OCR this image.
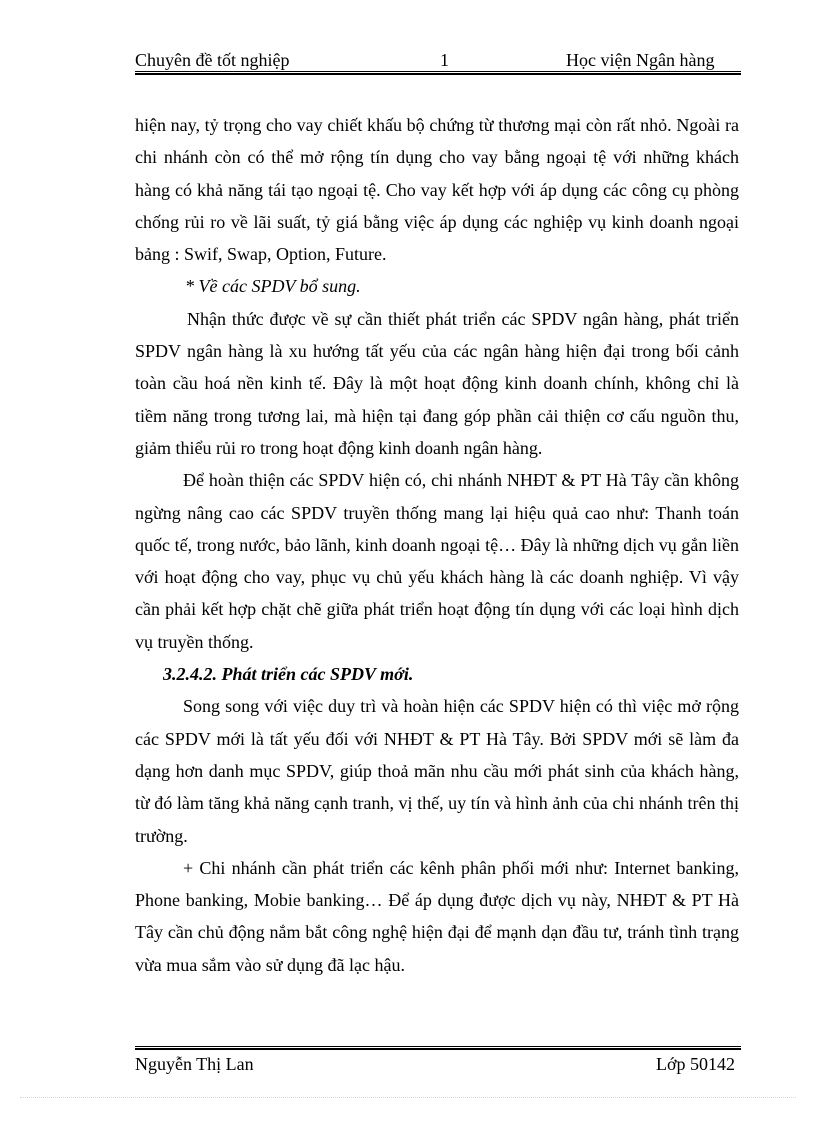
Chuyên đề tốt nghiệp	1	Học viện Ngân hàng

hiện nay, tỷ trọng cho vay chiết khấu bộ chứng từ thương mại còn rất nhỏ. Ngoài ra chi nhánh còn có thể mở rộng tín dụng cho vay bằng ngoại tệ với những khách hàng có khả năng tái tạo ngoại tệ. Cho vay kết hợp với áp dụng các công cụ phòng chống rủi ro về lãi suất, tỷ giá bằng việc áp dụng các nghiệp vụ kinh doanh ngoại bảng : Swif, Swap, Option, Future.

* Về các SPDV bổ sung.

Nhận thức được về sự cần thiết phát triển các SPDV ngân hàng, phát triển SPDV ngân hàng là xu hướng tất yếu của các ngân hàng hiện đại trong bối cảnh toàn cầu hoá nền kinh tế. Đây là một hoạt động kinh doanh chính, không chỉ là tiềm năng trong tương lai, mà hiện tại đang góp phần cải thiện cơ cấu nguồn thu, giảm thiểu rủi ro trong hoạt động kinh doanh ngân hàng.

Để hoàn thiện các SPDV hiện có, chi nhánh NHĐT & PT Hà Tây cần không ngừng nâng cao các SPDV truyền thống mang lại hiệu quả cao như: Thanh toán quốc tế, trong nước, bảo lãnh, kinh doanh ngoại tệ… Đây là những dịch vụ gắn liền với hoạt động cho vay, phục vụ chủ yếu khách hàng là các doanh nghiệp. Vì vậy cần phải kết hợp chặt chẽ giữa phát triển hoạt động tín dụng với các loại hình dịch vụ truyền thống.

3.2.4.2. Phát triển các SPDV mới.

Song song với việc duy trì và hoàn hiện các SPDV hiện có thì việc mở rộng các SPDV mới là tất yếu đối với NHĐT & PT Hà Tây. Bởi SPDV mới sẽ làm đa dạng hơn danh mục SPDV, giúp thoả mãn nhu cầu mới phát sinh của khách hàng, từ đó làm tăng khả năng cạnh tranh, vị thế, uy tín và hình ảnh của chi nhánh trên thị trường.

+ Chi nhánh cần phát triển các kênh phân phối mới như: Internet banking, Phone banking, Mobie banking… Để áp dụng được dịch vụ này, NHĐT & PT Hà Tây cần chủ động nắm bắt công nghệ hiện đại để mạnh dạn đầu tư, tránh tình trạng vừa mua sắm vào sử dụng đã lạc hậu.

Nguyễn Thị Lan	Lớp 50142
